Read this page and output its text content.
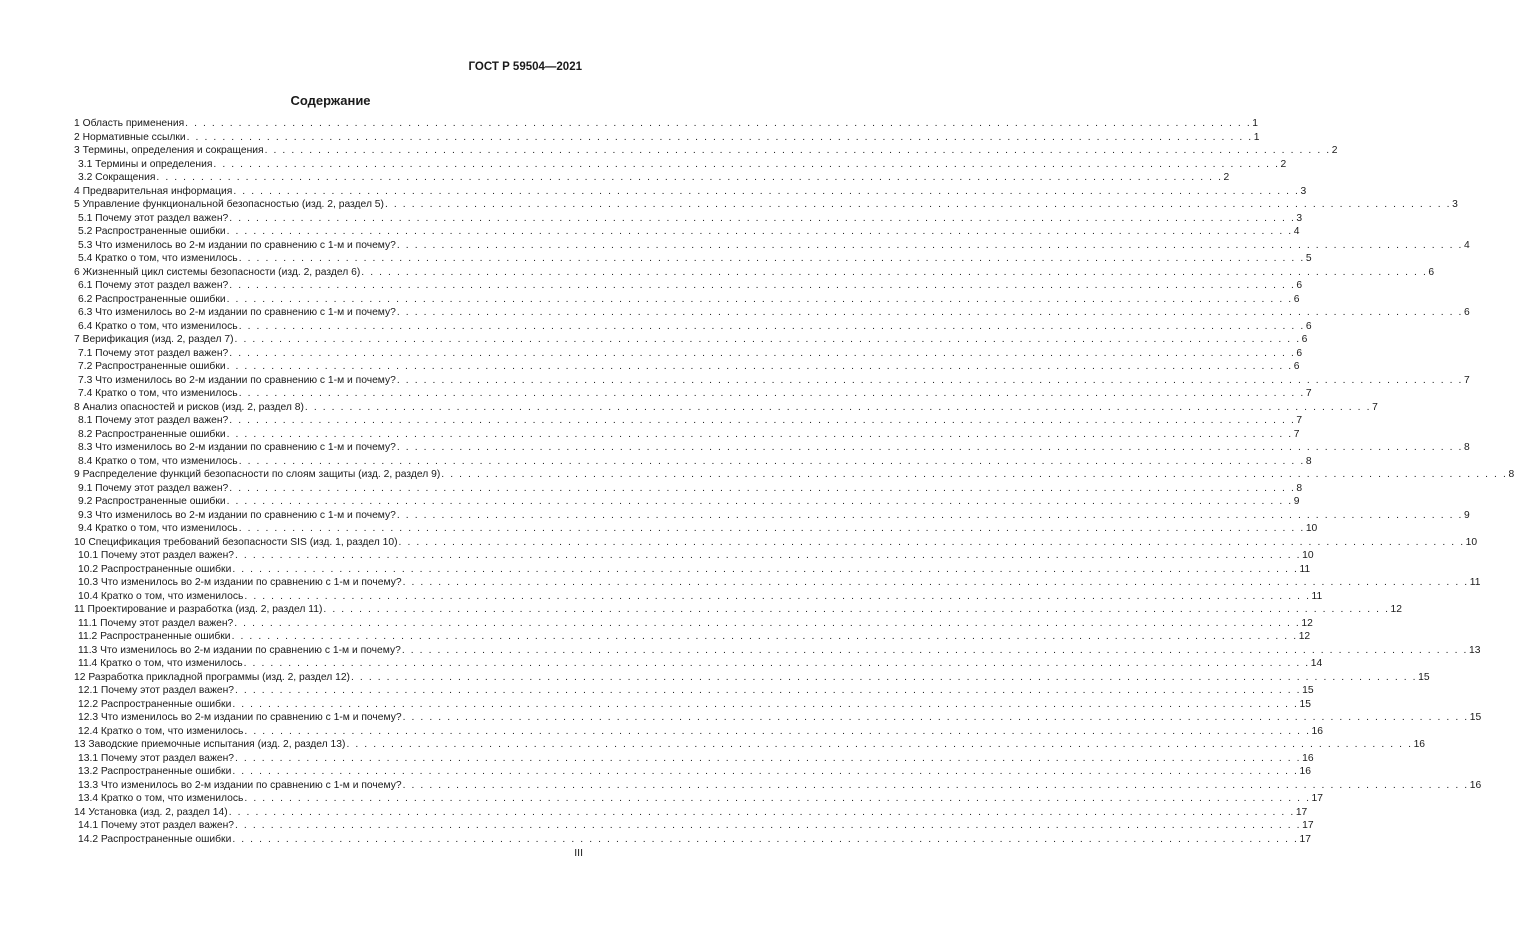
ГОСТ Р 59504—2021
Содержание
1 Область применения . . . . . . . . . . . . . . . . . . . . . . . . . . . . . . . . . . . . . . . . . . . . . . . . . . . . . . . . . . . . . . . . . . . . . . . . . . . . . . . . . . . . . . . . . . . . . . . . . . . . . . . . . . . . . . . . . . . . . . . . 1
2 Нормативные ссылки . . . . . . . . . . . . . . . . . . . . . . . . . . . . . . . . . . . . . . . . . . . . . . . . . . . . . . . . . . . . . . . . . . . . . . . . . . . . . . . . . . . . . . . . . . . . . . . . . . . . . . . . . . . . . . . . . . . . . . . . 1
3 Термины, определения и сокращения . . . . . . . . . . . . . . . . . . . . . . . . . . . . . . . . . . . . . . . . . . . . . . . . . . . . . . . . . . . . . . . . . . . . . . . . . . . . . . . . . . . . . . . . . . . . . . . . . . . . . . . . . . . . . . . . . . . . . . . . 2
3.1 Термины и определения . . . . . . . . . . . . . . . . . . . . . . . . . . . . . . . . . . . . . . . . . . . . . . . . . . . . . . . . . . . . . . . . . . . . . . . . . . . . . . . . . . . . . . . . . . . . . . . . . . . . . . . . . . . . . . . . . . . . . . . . 2
3.2 Сокращения . . . . . . . . . . . . . . . . . . . . . . . . . . . . . . . . . . . . . . . . . . . . . . . . . . . . . . . . . . . . . . . . . . . . . . . . . . . . . . . . . . . . . . . . . . . . . . . . . . . . . . . . . . . . . . . . . . . . . . . . 2
4 Предварительная информация . . . . . . . . . . . . . . . . . . . . . . . . . . . . . . . . . . . . . . . . . . . . . . . . . . . . . . . . . . . . . . . . . . . . . . . . . . . . . . . . . . . . . . . . . . . . . . . . . . . . . . . . . . . . . . . . . . . . . . . . 3
5 Управление функциональной безопасностью (изд. 2, раздел 5) . . . . . . . . . . . . . . . . . . . . . . . . . . . . . . . . . . . . . . . . . . . . . . . . . . . . . . . . . . . . . . . . . . . . . . . . . . . . . . . . . . . . . . . . . . . . . . . . . . . . . . . . . . . . . . . . . . . . . . . . 3
5.1 Почему этот раздел важен? . . . . . . . . . . . . . . . . . . . . . . . . . . . . . . . . . . . . . . . . . . . . . . . . . . . . . . . . . . . . . . . . . . . . . . . . . . . . . . . . . . . . . . . . . . . . . . . . . . . . . . . . . . . . . . . . . . . . . . . . 3
5.2 Распространенные ошибки . . . . . . . . . . . . . . . . . . . . . . . . . . . . . . . . . . . . . . . . . . . . . . . . . . . . . . . . . . . . . . . . . . . . . . . . . . . . . . . . . . . . . . . . . . . . . . . . . . . . . . . . . . . . . . . . . . . . . . . . 4
5.3 Что изменилось во 2-м издании по сравнению с 1-м и почему? . . . . . . . . . . . . . . . . . . . . . . . . . . . . . . . . . . . . . . . . . . . . . . . . . . . . . . . . . . . . . . . . . . . . . . . . . . . . . . . . . . . . . . . . . . . . . . . . . . . . . . . . . . . . . . . . . . . . . . . . 4
5.4 Кратко о том, что изменилось . . . . . . . . . . . . . . . . . . . . . . . . . . . . . . . . . . . . . . . . . . . . . . . . . . . . . . . . . . . . . . . . . . . . . . . . . . . . . . . . . . . . . . . . . . . . . . . . . . . . . . . . . . . . . . . . . . . . . . . . 5
6 Жизненный цикл системы безопасности (изд. 2, раздел 6) . . . . . . . . . . . . . . . . . . . . . . . . . . . . . . . . . . . . . . . . . . . . . . . . . . . . . . . . . . . . . . . . . . . . . . . . . . . . . . . . . . . . . . . . . . . . . . . . . . . . . . . . . . . . . . . . . . . . . . . . 6
6.1 Почему этот раздел важен? . . . . . . . . . . . . . . . . . . . . . . . . . . . . . . . . . . . . . . . . . . . . . . . . . . . . . . . . . . . . . . . . . . . . . . . . . . . . . . . . . . . . . . . . . . . . . . . . . . . . . . . . . . . . . . . . . . . . . . . . 6
6.2 Распространенные ошибки . . . . . . . . . . . . . . . . . . . . . . . . . . . . . . . . . . . . . . . . . . . . . . . . . . . . . . . . . . . . . . . . . . . . . . . . . . . . . . . . . . . . . . . . . . . . . . . . . . . . . . . . . . . . . . . . . . . . . . . . 6
6.3 Что изменилось во 2-м издании по сравнению с 1-м и почему? . . . . . . . . . . . . . . . . . . . . . . . . . . . . . . . . . . . . . . . . . . . . . . . . . . . . . . . . . . . . . . . . . . . . . . . . . . . . . . . . . . . . . . . . . . . . . . . . . . . . . . . . . . . . . . . . . . . . . . . . 6
6.4 Кратко о том, что изменилось . . . . . . . . . . . . . . . . . . . . . . . . . . . . . . . . . . . . . . . . . . . . . . . . . . . . . . . . . . . . . . . . . . . . . . . . . . . . . . . . . . . . . . . . . . . . . . . . . . . . . . . . . . . . . . . . . . . . . . . . 6
7 Верификация (изд. 2, раздел 7) . . . . . . . . . . . . . . . . . . . . . . . . . . . . . . . . . . . . . . . . . . . . . . . . . . . . . . . . . . . . . . . . . . . . . . . . . . . . . . . . . . . . . . . . . . . . . . . . . . . . . . . . . . . . . . . . . . . . . . . . 6
7.1 Почему этот раздел важен? . . . . . . . . . . . . . . . . . . . . . . . . . . . . . . . . . . . . . . . . . . . . . . . . . . . . . . . . . . . . . . . . . . . . . . . . . . . . . . . . . . . . . . . . . . . . . . . . . . . . . . . . . . . . . . . . . . . . . . . . 6
7.2 Распространенные ошибки . . . . . . . . . . . . . . . . . . . . . . . . . . . . . . . . . . . . . . . . . . . . . . . . . . . . . . . . . . . . . . . . . . . . . . . . . . . . . . . . . . . . . . . . . . . . . . . . . . . . . . . . . . . . . . . . . . . . . . . . 6
7.3 Что изменилось во 2-м издании по сравнению с 1-м и почему? . . . . . . . . . . . . . . . . . . . . . . . . . . . . . . . . . . . . . . . . . . . . . . . . . . . . . . . . . . . . . . . . . . . . . . . . . . . . . . . . . . . . . . . . . . . . . . . . . . . . . . . . . . . . . . . . . . . . . . . . 7
7.4 Кратко о том, что изменилось . . . . . . . . . . . . . . . . . . . . . . . . . . . . . . . . . . . . . . . . . . . . . . . . . . . . . . . . . . . . . . . . . . . . . . . . . . . . . . . . . . . . . . . . . . . . . . . . . . . . . . . . . . . . . . . . . . . . . . . . 7
8 Анализ опасностей и рисков (изд. 2, раздел 8) . . . . . . . . . . . . . . . . . . . . . . . . . . . . . . . . . . . . . . . . . . . . . . . . . . . . . . . . . . . . . . . . . . . . . . . . . . . . . . . . . . . . . . . . . . . . . . . . . . . . . . . . . . . . . . . . . . . . . . . . 7
8.1 Почему этот раздел важен? . . . . . . . . . . . . . . . . . . . . . . . . . . . . . . . . . . . . . . . . . . . . . . . . . . . . . . . . . . . . . . . . . . . . . . . . . . . . . . . . . . . . . . . . . . . . . . . . . . . . . . . . . . . . . . . . . . . . . . . . 7
8.2 Распространенные ошибки . . . . . . . . . . . . . . . . . . . . . . . . . . . . . . . . . . . . . . . . . . . . . . . . . . . . . . . . . . . . . . . . . . . . . . . . . . . . . . . . . . . . . . . . . . . . . . . . . . . . . . . . . . . . . . . . . . . . . . . . 7
8.3 Что изменилось во 2-м издании по сравнению с 1-м и почему? . . . . . . . . . . . . . . . . . . . . . . . . . . . . . . . . . . . . . . . . . . . . . . . . . . . . . . . . . . . . . . . . . . . . . . . . . . . . . . . . . . . . . . . . . . . . . . . . . . . . . . . . . . . . . . . . . . . . . . . . 8
8.4 Кратко о том, что изменилось . . . . . . . . . . . . . . . . . . . . . . . . . . . . . . . . . . . . . . . . . . . . . . . . . . . . . . . . . . . . . . . . . . . . . . . . . . . . . . . . . . . . . . . . . . . . . . . . . . . . . . . . . . . . . . . . . . . . . . . . 8
9 Распределение функций безопасности по слоям защиты (изд. 2, раздел 9) . . . . . . . . . . . . . . . . . . . . . . . . . . . . . . . . . . . . . . . . . . . . . . . . . . . . . . . . . . . . . . . . . . . . . . . . . . . . . . . . . . . . . . . . . . . . . . . . . . . . . . . . . . . . . . . . . . . . . . . . 8
9.1 Почему этот раздел важен? . . . . . . . . . . . . . . . . . . . . . . . . . . . . . . . . . . . . . . . . . . . . . . . . . . . . . . . . . . . . . . . . . . . . . . . . . . . . . . . . . . . . . . . . . . . . . . . . . . . . . . . . . . . . . . . . . . . . . . . . 8
9.2 Распространенные ошибки . . . . . . . . . . . . . . . . . . . . . . . . . . . . . . . . . . . . . . . . . . . . . . . . . . . . . . . . . . . . . . . . . . . . . . . . . . . . . . . . . . . . . . . . . . . . . . . . . . . . . . . . . . . . . . . . . . . . . . . . 9
9.3 Что изменилось во 2-м издании по сравнению с 1-м и почему? . . . . . . . . . . . . . . . . . . . . . . . . . . . . . . . . . . . . . . . . . . . . . . . . . . . . . . . . . . . . . . . . . . . . . . . . . . . . . . . . . . . . . . . . . . . . . . . . . . . . . . . . . . . . . . . . . . . . . . . . 9
9.4 Кратко о том, что изменилось . . . . . . . . . . . . . . . . . . . . . . . . . . . . . . . . . . . . . . . . . . . . . . . . . . . . . . . . . . . . . . . . . . . . . . . . . . . . . . . . . . . . . . . . . . . . . . . . . . . . . . . . . . . . . . . . . . . . . . . . 10
10 Спецификация требований безопасности SIS (изд. 1, раздел 10) . . . . . . . . . . . . . . . . . . . . . . . . . . . . . . . . . . . . . . . . . . . . . . . . . . . . . . . . . . . . . . . . . . . . . . . . . . . . . . . . . . . . . . . . . . . . . . . . . . . . . . . . . . . . . . . . . . . . . . . . 10
10.1 Почему этот раздел важен? . . . . . . . . . . . . . . . . . . . . . . . . . . . . . . . . . . . . . . . . . . . . . . . . . . . . . . . . . . . . . . . . . . . . . . . . . . . . . . . . . . . . . . . . . . . . . . . . . . . . . . . . . . . . . . . . . . . . . . . . 10
10.2 Распространенные ошибки . . . . . . . . . . . . . . . . . . . . . . . . . . . . . . . . . . . . . . . . . . . . . . . . . . . . . . . . . . . . . . . . . . . . . . . . . . . . . . . . . . . . . . . . . . . . . . . . . . . . . . . . . . . . . . . . . . . . . . . . 11
10.3 Что изменилось во 2-м издании по сравнению с 1-м и почему? . . . . . . . . . . . . . . . . . . . . . . . . . . . . . . . . . . . . . . . . . . . . . . . . . . . . . . . . . . . . . . . . . . . . . . . . . . . . . . . . . . . . . . . . . . . . . . . . . . . . . . . . . . . . . . . . . . . . . . . . 11
10.4 Кратко о том, что изменилось . . . . . . . . . . . . . . . . . . . . . . . . . . . . . . . . . . . . . . . . . . . . . . . . . . . . . . . . . . . . . . . . . . . . . . . . . . . . . . . . . . . . . . . . . . . . . . . . . . . . . . . . . . . . . . . . . . . . . . . . 11
11 Проектирование и разработка (изд. 2, раздел 11) . . . . . . . . . . . . . . . . . . . . . . . . . . . . . . . . . . . . . . . . . . . . . . . . . . . . . . . . . . . . . . . . . . . . . . . . . . . . . . . . . . . . . . . . . . . . . . . . . . . . . . . . . . . . . . . . . . . . . . . . 12
11.1 Почему этот раздел важен? . . . . . . . . . . . . . . . . . . . . . . . . . . . . . . . . . . . . . . . . . . . . . . . . . . . . . . . . . . . . . . . . . . . . . . . . . . . . . . . . . . . . . . . . . . . . . . . . . . . . . . . . . . . . . . . . . . . . . . . . 12
11.2 Распространенные ошибки . . . . . . . . . . . . . . . . . . . . . . . . . . . . . . . . . . . . . . . . . . . . . . . . . . . . . . . . . . . . . . . . . . . . . . . . . . . . . . . . . . . . . . . . . . . . . . . . . . . . . . . . . . . . . . . . . . . . . . . . 12
11.3 Что изменилось во 2-м издании по сравнению с 1-м и почему? . . . . . . . . . . . . . . . . . . . . . . . . . . . . . . . . . . . . . . . . . . . . . . . . . . . . . . . . . . . . . . . . . . . . . . . . . . . . . . . . . . . . . . . . . . . . . . . . . . . . . . . . . . . . . . . . . . . . . . . . 13
11.4 Кратко о том, что изменилось . . . . . . . . . . . . . . . . . . . . . . . . . . . . . . . . . . . . . . . . . . . . . . . . . . . . . . . . . . . . . . . . . . . . . . . . . . . . . . . . . . . . . . . . . . . . . . . . . . . . . . . . . . . . . . . . . . . . . . . . 14
12 Разработка прикладной программы (изд. 2, раздел 12) . . . . . . . . . . . . . . . . . . . . . . . . . . . . . . . . . . . . . . . . . . . . . . . . . . . . . . . . . . . . . . . . . . . . . . . . . . . . . . . . . . . . . . . . . . . . . . . . . . . . . . . . . . . . . . . . . . . . . . . . 15
12.1 Почему этот раздел важен? . . . . . . . . . . . . . . . . . . . . . . . . . . . . . . . . . . . . . . . . . . . . . . . . . . . . . . . . . . . . . . . . . . . . . . . . . . . . . . . . . . . . . . . . . . . . . . . . . . . . . . . . . . . . . . . . . . . . . . . . 15
12.2 Распространенные ошибки . . . . . . . . . . . . . . . . . . . . . . . . . . . . . . . . . . . . . . . . . . . . . . . . . . . . . . . . . . . . . . . . . . . . . . . . . . . . . . . . . . . . . . . . . . . . . . . . . . . . . . . . . . . . . . . . . . . . . . . . 15
12.3 Что изменилось во 2-м издании по сравнению с 1-м и почему? . . . . . . . . . . . . . . . . . . . . . . . . . . . . . . . . . . . . . . . . . . . . . . . . . . . . . . . . . . . . . . . . . . . . . . . . . . . . . . . . . . . . . . . . . . . . . . . . . . . . . . . . . . . . . . . . . . . . . . . . 15
12.4 Кратко о том, что изменилось . . . . . . . . . . . . . . . . . . . . . . . . . . . . . . . . . . . . . . . . . . . . . . . . . . . . . . . . . . . . . . . . . . . . . . . . . . . . . . . . . . . . . . . . . . . . . . . . . . . . . . . . . . . . . . . . . . . . . . . . 16
13 Заводские приемочные испытания (изд. 2, раздел 13) . . . . . . . . . . . . . . . . . . . . . . . . . . . . . . . . . . . . . . . . . . . . . . . . . . . . . . . . . . . . . . . . . . . . . . . . . . . . . . . . . . . . . . . . . . . . . . . . . . . . . . . . . . . . . . . . . . . . . . . . 16
13.1 Почему этот раздел важен? . . . . . . . . . . . . . . . . . . . . . . . . . . . . . . . . . . . . . . . . . . . . . . . . . . . . . . . . . . . . . . . . . . . . . . . . . . . . . . . . . . . . . . . . . . . . . . . . . . . . . . . . . . . . . . . . . . . . . . . . 16
13.2 Распространенные ошибки . . . . . . . . . . . . . . . . . . . . . . . . . . . . . . . . . . . . . . . . . . . . . . . . . . . . . . . . . . . . . . . . . . . . . . . . . . . . . . . . . . . . . . . . . . . . . . . . . . . . . . . . . . . . . . . . . . . . . . . . 16
13.3 Что изменилось во 2-м издании по сравнению с 1-м и почему? . . . . . . . . . . . . . . . . . . . . . . . . . . . . . . . . . . . . . . . . . . . . . . . . . . . . . . . . . . . . . . . . . . . . . . . . . . . . . . . . . . . . . . . . . . . . . . . . . . . . . . . . . . . . . . . . . . . . . . . . 16
13.4 Кратко о том, что изменилось . . . . . . . . . . . . . . . . . . . . . . . . . . . . . . . . . . . . . . . . . . . . . . . . . . . . . . . . . . . . . . . . . . . . . . . . . . . . . . . . . . . . . . . . . . . . . . . . . . . . . . . . . . . . . . . . . . . . . . . . 17
14 Установка (изд. 2, раздел 14) . . . . . . . . . . . . . . . . . . . . . . . . . . . . . . . . . . . . . . . . . . . . . . . . . . . . . . . . . . . . . . . . . . . . . . . . . . . . . . . . . . . . . . . . . . . . . . . . . . . . . . . . . . . . . . . . . . . . . . . . 17
14.1 Почему этот раздел важен? . . . . . . . . . . . . . . . . . . . . . . . . . . . . . . . . . . . . . . . . . . . . . . . . . . . . . . . . . . . . . . . . . . . . . . . . . . . . . . . . . . . . . . . . . . . . . . . . . . . . . . . . . . . . . . . . . . . . . . . . 17
14.2 Распространенные ошибки . . . . . . . . . . . . . . . . . . . . . . . . . . . . . . . . . . . . . . . . . . . . . . . . . . . . . . . . . . . . . . . . . . . . . . . . . . . . . . . . . . . . . . . . . . . . . . . . . . . . . . . . . . . . . . . . . . . . . . . . 17
III
